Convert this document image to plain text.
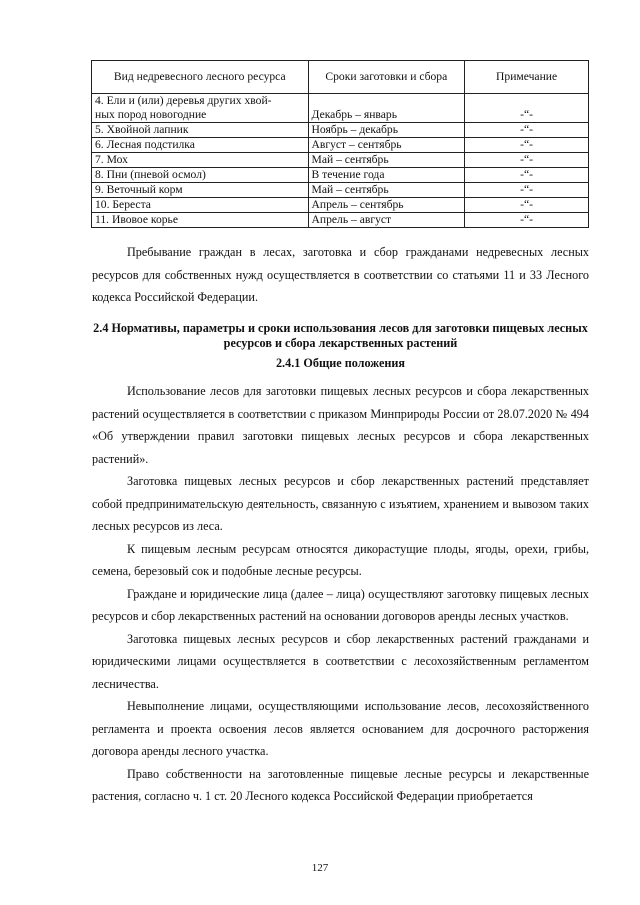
Вид недревесного лесного ресурса	Сроки заготовки и сбора	Примечание

4. Ели и (или) деревья других хвой-
ных пород новогодние	Декабрь – январь	-“-
5. Хвойной лапник	Ноябрь – декабрь	-“-
6. Лесная подстилка	Август – сентябрь	-“-
7. Мох	Май – сентябрь	-“-
8. Пни (пневой осмол)	В течение года	-“-
9. Веточный корм	Май – сентябрь	-“-
10. Береста	Апрель – сентябрь	-“-
11. Ивовое корье	Апрель – август	-“-

Пребывание граждан в лесах, заготовка и сбор гражданами недревесных лесных ресурсов для собственных нужд осуществляется в соответствии со статьями 11 и 33 Лесного кодекса Российской Федерации.

2.4 Нормативы, параметры и сроки использования лесов для заготовки пищевых лесных ресурсов и сбора лекарственных растений
2.4.1 Общие положения

Использование лесов для заготовки пищевых лесных ресурсов и сбора лекарственных растений осуществляется в соответствии с приказом Минприроды России от 28.07.2020 № 494 «Об утверждении правил заготовки пищевых лесных ресурсов и сбора лекарственных растений».

Заготовка пищевых лесных ресурсов и сбор лекарственных растений представляет собой предпринимательскую деятельность, связанную с изъятием, хранением и вывозом таких лесных ресурсов из леса.

К пищевым лесным ресурсам относятся дикорастущие плоды, ягоды, орехи, грибы, семена, березовый сок и подобные лесные ресурсы.

Граждане и юридические лица (далее – лица) осуществляют заготовку пищевых лесных ресурсов и сбор лекарственных растений на основании договоров аренды лесных участков.

Заготовка пищевых лесных ресурсов и сбор лекарственных растений гражданами и юридическими лицами осуществляется в соответствии с лесохозяйственным регламентом лесничества.

Невыполнение лицами, осуществляющими использование лесов, лесохозяйственного регламента и проекта освоения лесов является основанием для досрочного расторжения договора аренды лесного участка.

Право собственности на заготовленные пищевые лесные ресурсы и лекарственные растения, согласно ч. 1 ст. 20 Лесного кодекса Российской Федерации приобретается

127
